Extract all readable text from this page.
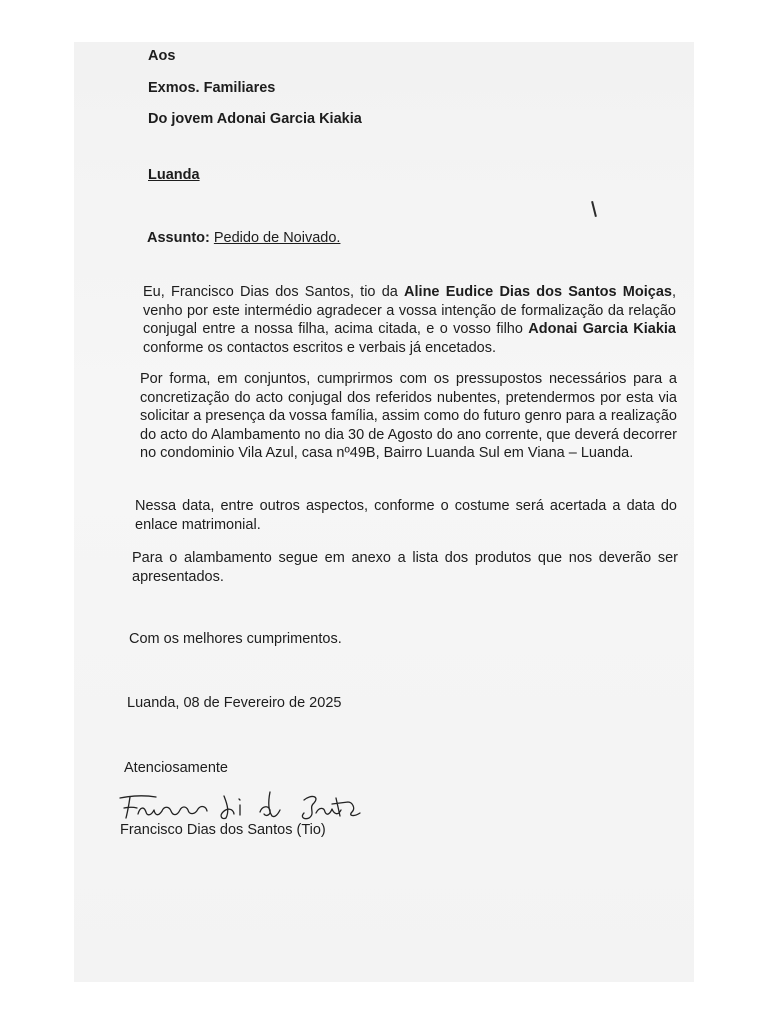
Aos

Exmos. Familiares

Do jovem Adonai Garcia Kiakia

Luanda

Assunto: Pedido de Noivado.

Eu, Francisco Dias dos Santos, tio da Aline Eudice Dias dos Santos Moiças, venho por este intermédio agradecer a vossa intenção de formalização da relação conjugal entre a nossa filha, acima citada, e o vosso filho Adonai Garcia Kiakia conforme os contactos escritos e verbais já encetados.

Por forma, em conjuntos, cumprirmos com os pressupostos necessários para a concretização do acto conjugal dos referidos nubentes, pretendermos por esta via solicitar a presença da vossa família, assim como do futuro genro para a realização do acto do Alambamento no dia 30 de Agosto do ano corrente, que deverá decorrer no condominio Vila Azul, casa nº49B, Bairro Luanda Sul em Viana – Luanda.

Nessa data, entre outros aspectos, conforme o costume será acertada a data do enlace matrimonial.

Para o alambamento segue em anexo a lista dos produtos que nos deverão ser apresentados.

Com os melhores cumprimentos.

Luanda, 08 de Fevereiro de 2025

Atenciosamente

Francisco Dias dos Santos (Tio)
